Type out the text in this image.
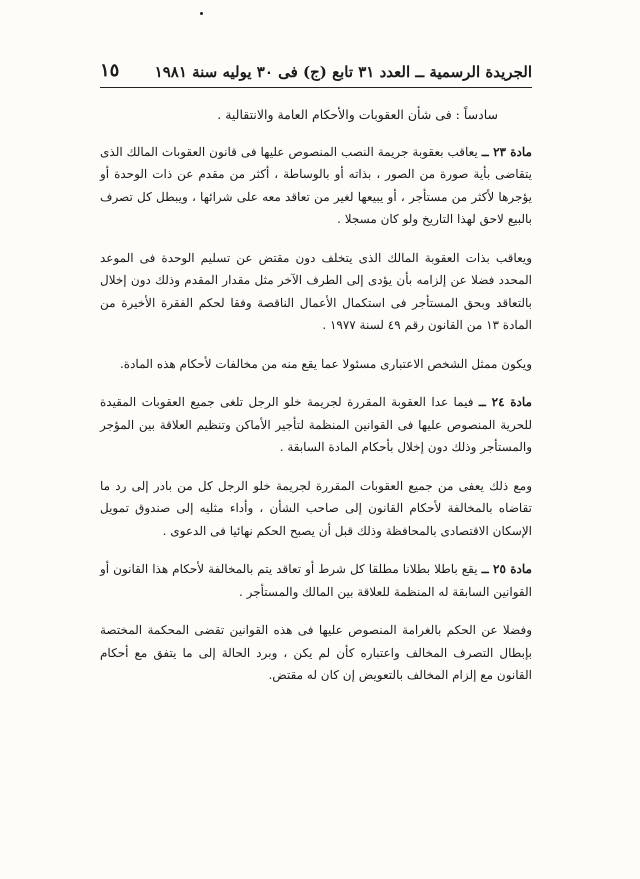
الجريدة الرسمية ــ العدد ٣١ تابع (ج) فى ٣٠ يوليه سنة ١٩٨١
١٥

سادساً : فى شأن العقوبات والأحكام العامة والانتقالية .

مادة ٢٣ ــ يعاقب بعقوبة جريمة النصب المنصوص عليها فى قانون العقوبات المالك الذى يتقاضى بأية صورة من الصور ، بذاته أو بالوساطة ، أكثر من مقدم عن ذات الوحدة أو يؤجرها لأكثر من مستأجر ، أو يبيعها لغير من تعاقد معه على شرائها ، ويبطل كل تصرف بالبيع لاحق لهذا التاريخ ولو كان مسجلا .

ويعاقب بذات العقوبة المالك الذى يتخلف دون مقتض عن تسليم الوحدة فى الموعد المحدد فضلا عن إلزامه بأن يؤدى إلى الطرف الآخر مثل مقدار المقدم وذلك دون إخلال بالتعاقد وبحق المستأجر فى استكمال الأعمال الناقصة وفقا لحكم الفقرة الأخيرة من المادة ١٣ من القانون رقم ٤٩ لسنة ١٩٧٧ .

ويكون ممثل الشخص الاعتبارى مسئولا عما يقع منه من مخالفات لأحكام هذه المادة.

مادة ٢٤ ــ فيما عدا العقوبة المقررة لجريمة خلو الرجل تلغى جميع العقوبات المقيدة للحرية المنصوص عليها فى القوانين المنظمة لتأجير الأماكن وتنظيم العلاقة بين المؤجر والمستأجر وذلك دون إخلال بأحكام المادة السابقة .

ومع ذلك يعفى من جميع العقوبات المقررة لجريمة خلو الرجل كل من بادر إلى رد ما تقاضاه بالمخالفة لأحكام القانون إلى صاحب الشأن ، وأداء مثليه إلى صندوق تمويل الإسكان الاقتصادى بالمحافظة وذلك قبل أن يصبح الحكم نهائيا فى الدعوى .

مادة ٢٥ ــ يقع باطلا بطلانا مطلقا كل شرط أو تعاقد يتم بالمخالفة لأحكام هذا القانون أو القوانين السابقة له المنظمة للعلاقة بين المالك والمستأجر .

وفضلا عن الحكم بالغرامة المنصوص عليها فى هذه القوانين تقضى المحكمة المختصة بإبطال التصرف المخالف واعتباره كأن لم يكن ، وبرد الحالة إلى ما يتفق مع أحكام القانون مع إلزام المخالف بالتعويض إن كان له مقتض.
